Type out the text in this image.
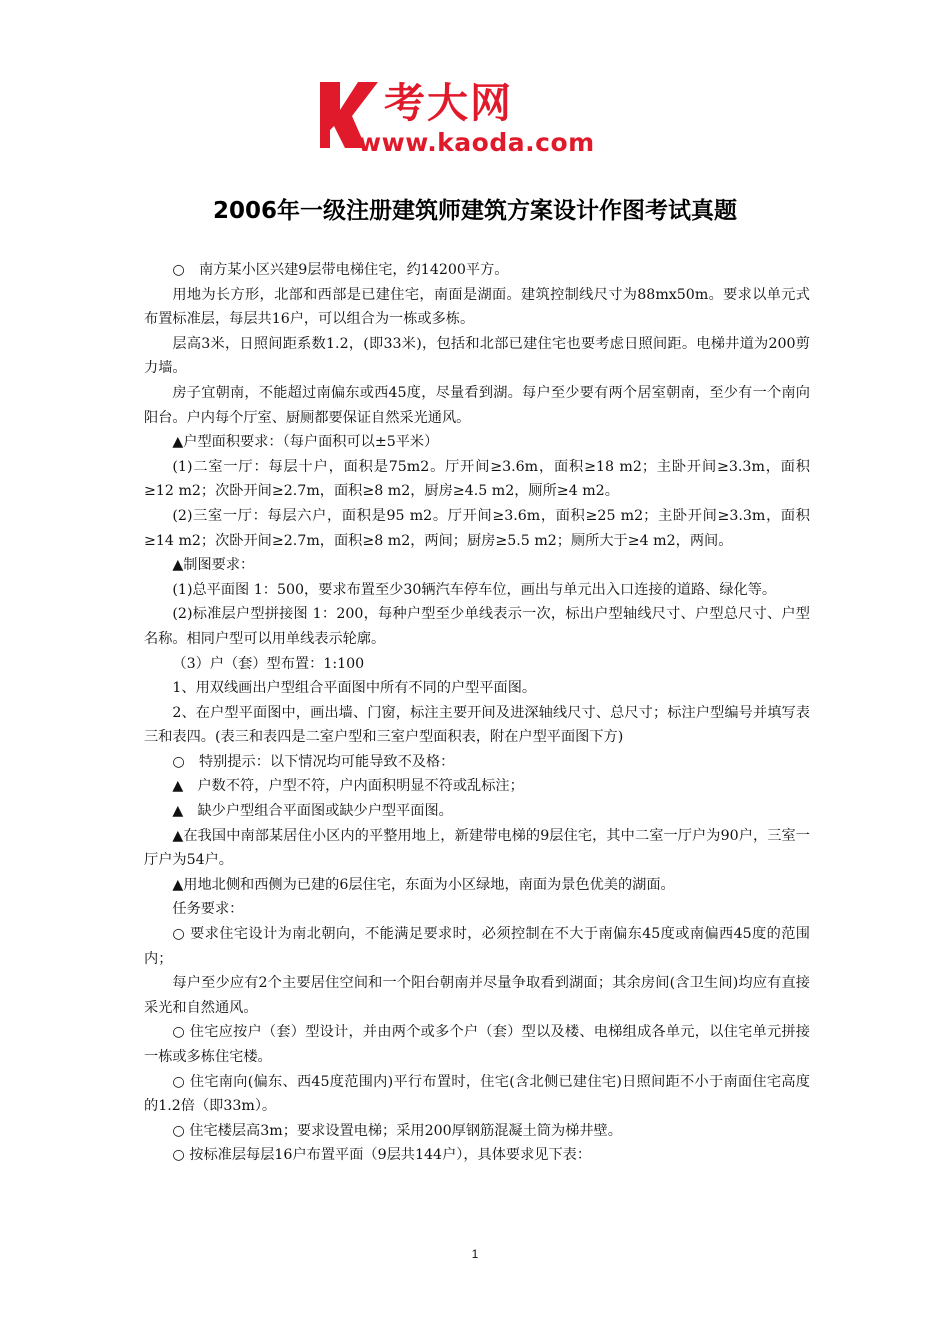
考大网
www.kaoda.com
2006年一级注册建筑师建筑方案设计作图考试真题

○　南方某小区兴建9层带电梯住宅，约14200平方。

用地为长方形，北部和西部是已建住宅，南面是湖面。建筑控制线尺寸为88mx50m。要求以单元式布置标准层，每层共16户，可以组合为一栋或多栋。

层高3米，日照间距系数1.2，(即33米)，包括和北部已建住宅也要考虑日照间距。电梯井道为200剪力墙。

房子宜朝南，不能超过南偏东或西45度，尽量看到湖。每户至少要有两个居室朝南，至少有一个南向阳台。户内每个厅室、厨厕都要保证自然采光通风。

▲户型面积要求：（每户面积可以±5平米）

(1)二室一厅：每层十户，面积是75m2。厅开间≥3.6m，面积≥18 m2；主卧开间≥3.3m，面积≥12 m2；次卧开间≥2.7m，面积≥8 m2，厨房≥4.5 m2，厕所≥4 m2。

(2)三室一厅：每层六户，面积是95 m2。厅开间≥3.6m，面积≥25 m2；主卧开间≥3.3m，面积≥14 m2；次卧开间≥2.7m，面积≥8 m2，两间；厨房≥5.5 m2；厕所大于≥4 m2，两间。

▲制图要求：

(1)总平面图 1：500，要求布置至少30辆汽车停车位，画出与单元出入口连接的道路、绿化等。

(2)标准层户型拼接图 1：200，每种户型至少单线表示一次，标出户型轴线尺寸、户型总尺寸、户型名称。相同户型可以用单线表示轮廓。

（3）户（套）型布置：1:100

1、用双线画出户型组合平面图中所有不同的户型平面图。

2、在户型平面图中，画出墙、门窗，标注主要开间及进深轴线尺寸、总尺寸；标注户型编号并填写表三和表四。(表三和表四是二室户型和三室户型面积表，附在户型平面图下方)

○　特别提示：以下情况均可能导致不及格：

▲　户数不符，户型不符，户内面积明显不符或乱标注；

▲　缺少户型组合平面图或缺少户型平面图。

▲在我国中南部某居住小区内的平整用地上，新建带电梯的9层住宅，其中二室一厅户为90户，三室一厅户为54户。

▲用地北侧和西侧为已建的6层住宅，东面为小区绿地，南面为景色优美的湖面。

任务要求：

○ 要求住宅设计为南北朝向，不能满足要求时，必须控制在不大于南偏东45度或南偏西45度的范围内；

每户至少应有2个主要居住空间和一个阳台朝南并尽量争取看到湖面；其余房间(含卫生间)均应有直接采光和自然通风。

○ 住宅应按户（套）型设计，并由两个或多个户（套）型以及楼、电梯组成各单元，以住宅单元拼接一栋或多栋住宅楼。

○ 住宅南向(偏东、西45度范围内)平行布置时，住宅(含北侧已建住宅)日照间距不小于南面住宅高度的1.2倍（即33m）。

○ 住宅楼层高3m；要求设置电梯；采用200厚钢筋混凝土筒为梯井壁。

○ 按标准层每层16户布置平面（9层共144户），具体要求见下表：

1
